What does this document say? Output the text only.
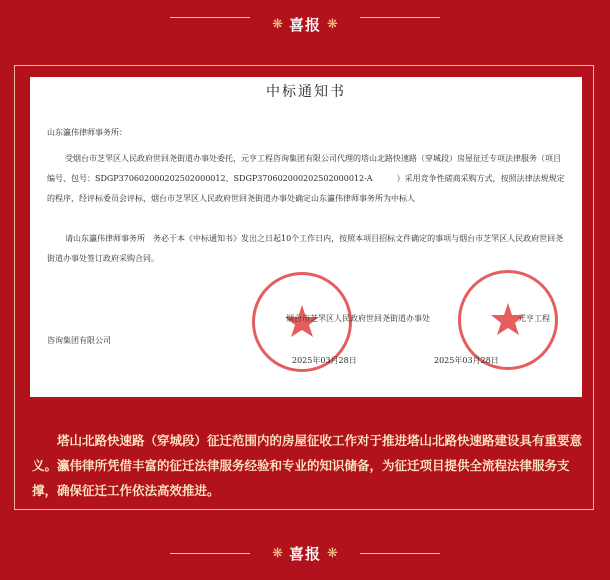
❋ 喜报 ❋
中标通知书
山东瀛伟律师事务所：

受烟台市芝罘区人民政府世回尧街道办事处委托，元亨工程咨询集团有限公司代理的塔山北路快速路（穿城段）房屋征迁专项法律服务（项目编号、包号：SDGP370602000202502000012、SDGP370602000202502000012-A　　　）采用竞争性磋商采购方式，按照法律法规规定的程序，经评标委员会评标，烟台市芝罘区人民政府世回尧街道办事处确定山东瀛伟律师事务所为中标人

请山东瀛伟律师事务所　务必于本《中标通知书》发出之日起10个工作日内，按照本项目招标文件确定的事项与烟台市芝罘区人民政府世回尧街道办事处签订政府采购合同。

烟台市芝罘区人民政府世回尧街道办事处	元亨工程
咨询集团有限公司
2025年03月28日	2025年03月28日

塔山北路快速路（穿城段）征迁范围内的房屋征收工作对于推进塔山北路快速路建设具有重要意义。瀛伟律所凭借丰富的征迁法律服务经验和专业的知识储备，为征迁项目提供全流程法律服务支撑，确保征迁工作依法高效推进。

❋ 喜报 ❋
